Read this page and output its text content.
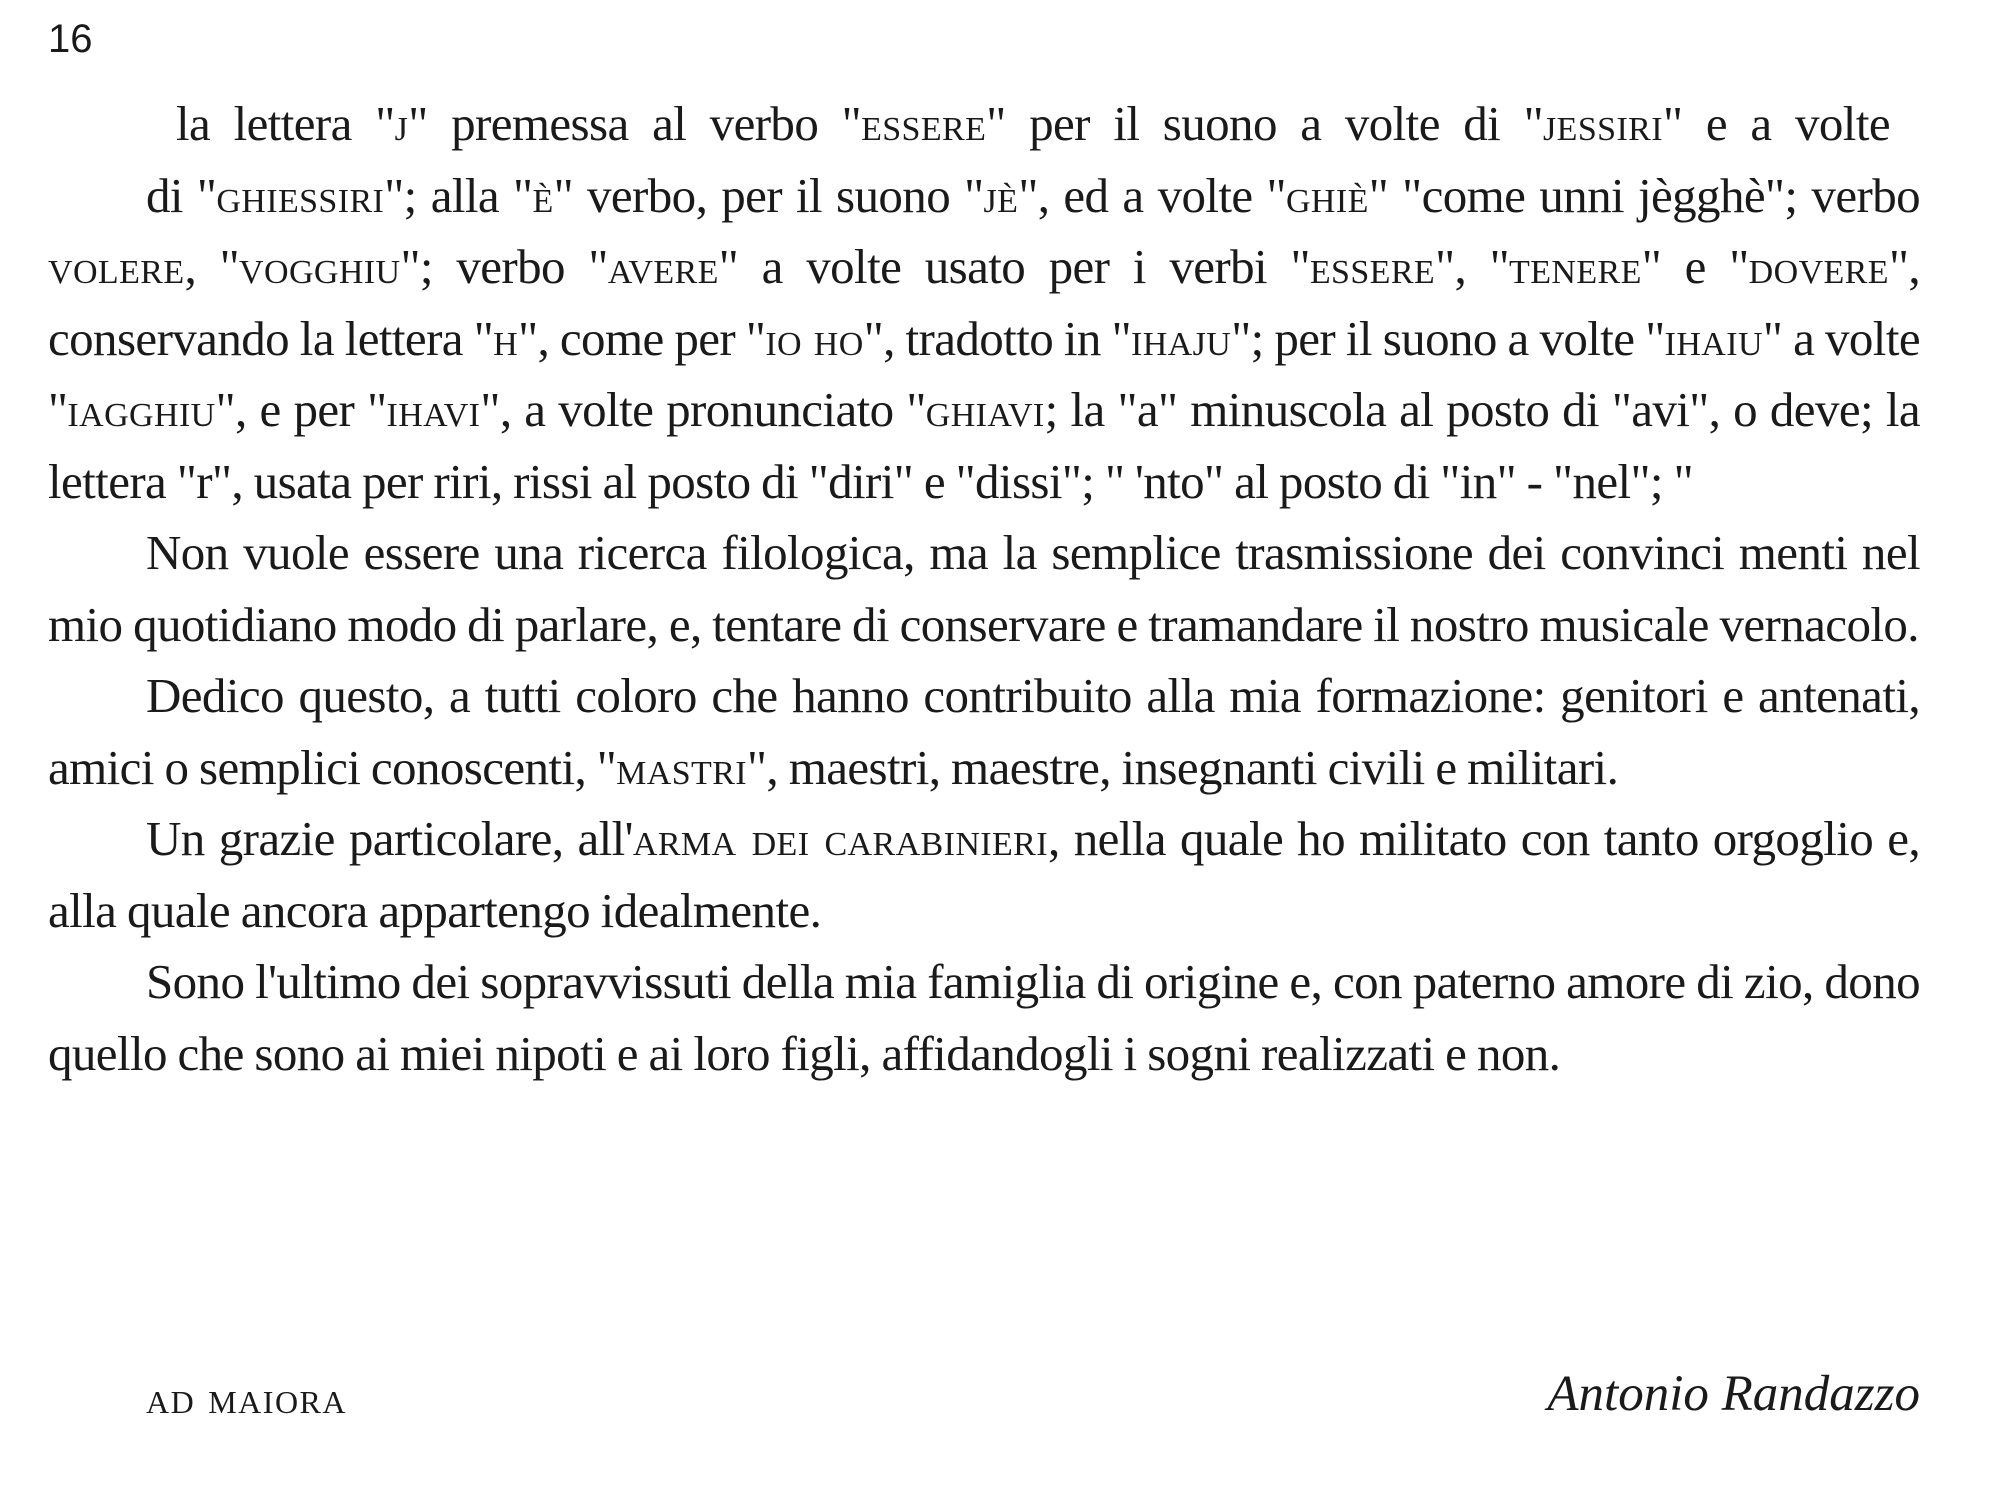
16

la lettera "j" premessa al verbo "essere" per il suono a volte di "jessiri" e a volte
di "ghiessiri"; alla "è" verbo, per il suono "jè", ed a volte "ghiè" "come unni jègghè"; verbo volere, "vogghiu"; verbo "avere" a volte usato per i verbi "essere", "tenere" e "dovere", conservando la lettera "h", come per "io ho", tradotto in "ihaju"; per il suono a volte "ihaiu" a volte "iagghiu", e per "ihavi", a volte pronunciato "ghiavi; la "a" minuscola al posto di "avi", o deve; la lettera "r", usata per riri, rissi al posto di "diri" e "dissi"; " 'nto" al posto di "in" - "nel"; "

Non vuole essere una ricerca filologica, ma la semplice trasmissione dei convinci menti nel mio quotidiano modo di parlare, e, tentare di conservare e tramandare il nostro musicale vernacolo.

Dedico questo, a tutti coloro che hanno contribuito alla mia formazione: genitori e antenati, amici o semplici conoscenti, "mastri", maestri, maestre, insegnanti civili e militari.

Un grazie particolare, all'arma dei carabinieri, nella quale ho militato con tanto orgoglio e, alla quale ancora appartengo idealmente.

Sono l'ultimo dei sopravvissuti della mia famiglia di origine e, con paterno amore di zio, dono quello che sono ai miei nipoti e ai loro figli, affidandogli i sogni realizzati e non.

ad maiora	Antonio Randazzo
